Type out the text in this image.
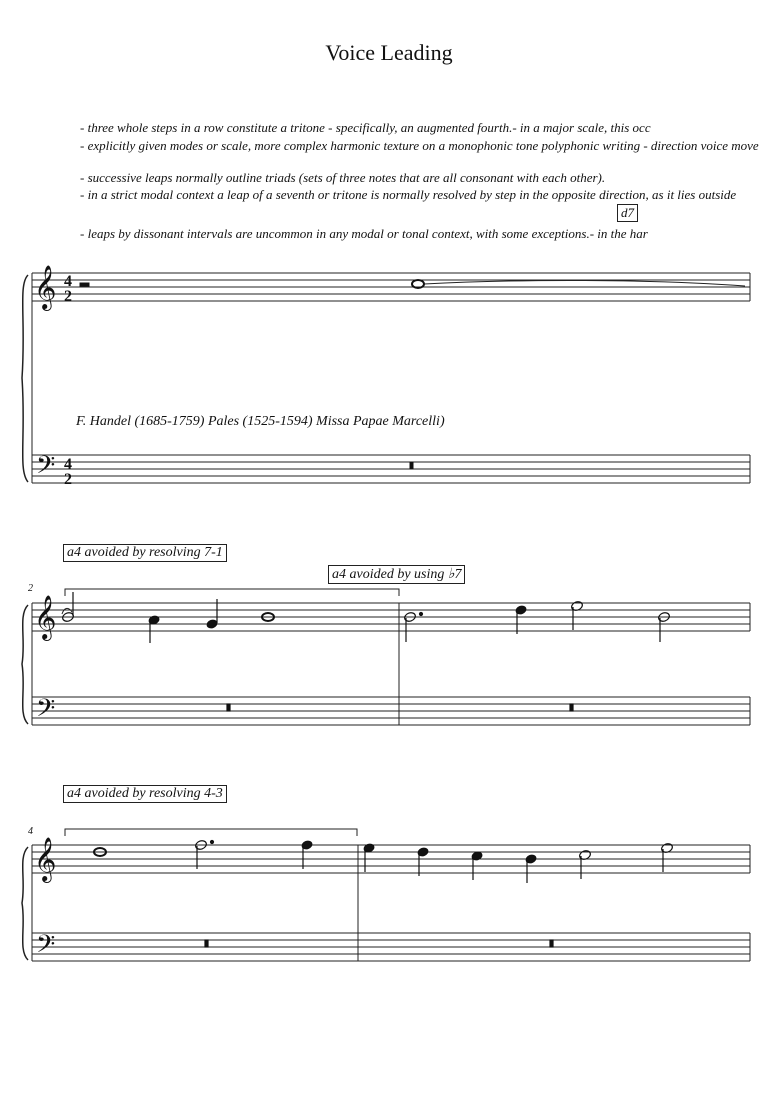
Voice Leading
- three whole steps in a row constitute a tritone - specifically, an augmented fourth.- in a major scale, this occ
- explicitly given modes or scale, more complex harmonic texture on a monophonic tone polyphonic writing - direction voice move
- successive leaps normally outline triads (sets of three notes that are all consonant with each other).
- in a strict modal context a leap of a seventh or tritone is normally resolved by step in the opposite direction, as it lies outside
d7
- leaps by dissonant intervals are uncommon in any modal or tonal context, with some exceptions.- in the har
F. Handel (1685-1759) Pales (1525-1594) Missa Papae Marcelli)
a4 avoided by resolving 7-1
a4 avoided by using ♭7
a4 avoided by resolving 4-3
2
4
𝄞
𝄢
𝄞
𝄢
𝄞
𝄢
4
2
4
2
